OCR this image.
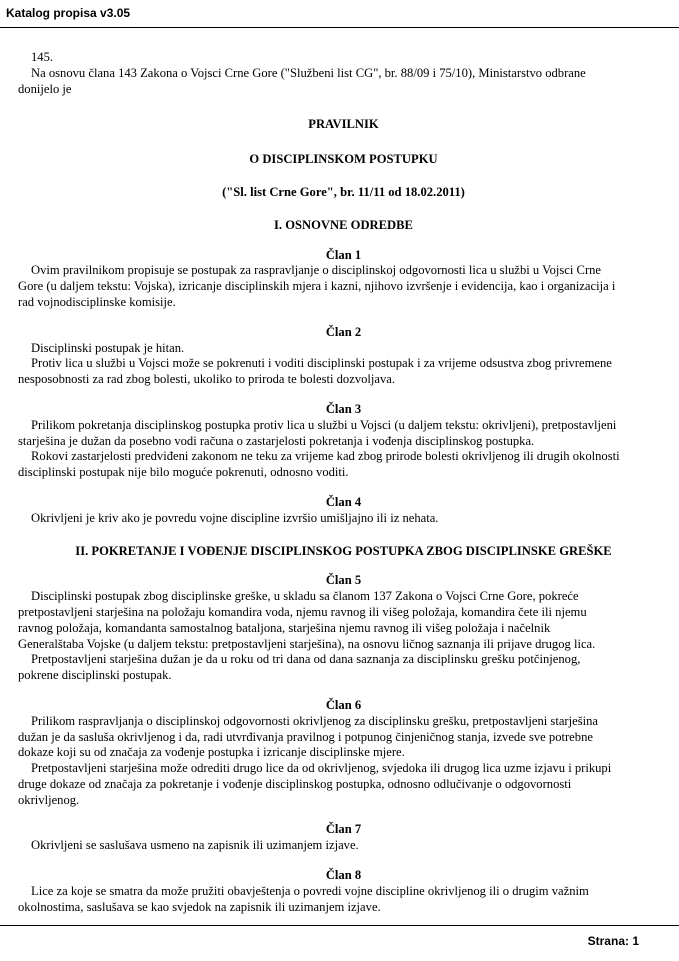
Katalog propisa v3.05
145.
Na osnovu člana 143 Zakona o Vojsci Crne Gore ("Službeni list CG", br. 88/09 i 75/10), Ministarstvo odbrane
donijelo je
PRAVILNIK
O DISCIPLINSKOM POSTUPKU
("Sl. list Crne Gore", br. 11/11 od 18.02.2011)
I. OSNOVNE ODREDBE
Član 1
Ovim pravilnikom propisuje se postupak za raspravljanje o disciplinskoj odgovornosti lica u službi u Vojsci Crne
Gore (u daljem tekstu: Vojska), izricanje disciplinskih mjera i kazni, njihovo izvršenje i evidencija, kao i organizacija i
rad vojnodisciplinske komisije.
Član 2
Disciplinski postupak je hitan.
Protiv lica u službi u Vojsci može se pokrenuti i voditi disciplinski postupak i za vrijeme odsustva zbog privremene
nesposobnosti za rad zbog bolesti, ukoliko to priroda te bolesti dozvoljava.
Član 3
Prilikom pokretanja disciplinskog postupka protiv lica u službi u Vojsci (u daljem tekstu: okrivljeni), pretpostavljeni
starješina je dužan da posebno vodi računa o zastarjelosti pokretanja i vođenja disciplinskog postupka.
Rokovi zastarjelosti predviđeni zakonom ne teku za vrijeme kad zbog prirode bolesti okrivljenog ili drugih okolnosti
disciplinski postupak nije bilo moguće pokrenuti, odnosno voditi.
Član 4
Okrivljeni je kriv ako je povredu vojne discipline izvršio umišljajno ili iz nehata.
II. POKRETANJE I VOĐENJE DISCIPLINSKOG POSTUPKA ZBOG DISCIPLINSKE GREŠKE
Član 5
Disciplinski postupak zbog disciplinske greške, u skladu sa članom 137 Zakona o Vojsci Crne Gore, pokreće
pretpostavljeni starješina na položaju komandira voda, njemu ravnog ili višeg položaja, komandira čete ili njemu
ravnog položaja, komandanta samostalnog bataljona, starješina njemu ravnog ili višeg položaja i načelnik
Generalštaba Vojske (u daljem tekstu: pretpostavljeni starješina), na osnovu ličnog saznanja ili prijave drugog lica.
Pretpostavljeni starješina dužan je da u roku od tri dana od dana saznanja za disciplinsku grešku potčinjenog,
pokrene disciplinski postupak.
Član 6
Prilikom raspravljanja o disciplinskoj odgovornosti okrivljenog za disciplinsku grešku, pretpostavljeni starješina
dužan je da sasluša okrivljenog i da, radi utvrđivanja pravilnog i potpunog činjeničnog stanja, izvede sve potrebne
dokaze koji su od značaja za vođenje postupka i izricanje disciplinske mjere.
Pretpostavljeni starješina može odrediti drugo lice da od okrivljenog, svjedoka ili drugog lica uzme izjavu i prikupi
druge dokaze od značaja za pokretanje i vođenje disciplinskog postupka, odnosno odlučivanje o odgovornosti
okrivljenog.
Član 7
Okrivljeni se saslušava usmeno na zapisnik ili uzimanjem izjave.
Član 8
Lice za koje se smatra da može pružiti obavještenja o povredi vojne discipline okrivljenog ili o drugim važnim
okolnostima, saslušava se kao svjedok na zapisnik ili uzimanjem izjave.
Strana: 1
